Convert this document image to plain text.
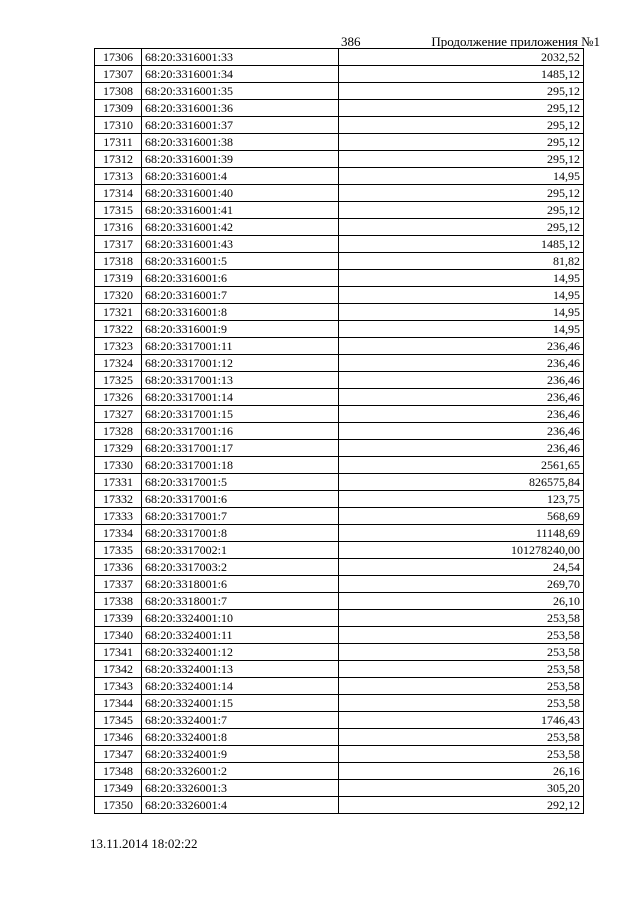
386	Продолжение приложения №1
17306	68:20:3316001:33	2032,52
17307	68:20:3316001:34	1485,12
17308	68:20:3316001:35	295,12
17309	68:20:3316001:36	295,12
17310	68:20:3316001:37	295,12
17311	68:20:3316001:38	295,12
17312	68:20:3316001:39	295,12
17313	68:20:3316001:4	14,95
17314	68:20:3316001:40	295,12
17315	68:20:3316001:41	295,12
17316	68:20:3316001:42	295,12
17317	68:20:3316001:43	1485,12
17318	68:20:3316001:5	81,82
17319	68:20:3316001:6	14,95
17320	68:20:3316001:7	14,95
17321	68:20:3316001:8	14,95
17322	68:20:3316001:9	14,95
17323	68:20:3317001:11	236,46
17324	68:20:3317001:12	236,46
17325	68:20:3317001:13	236,46
17326	68:20:3317001:14	236,46
17327	68:20:3317001:15	236,46
17328	68:20:3317001:16	236,46
17329	68:20:3317001:17	236,46
17330	68:20:3317001:18	2561,65
17331	68:20:3317001:5	826575,84
17332	68:20:3317001:6	123,75
17333	68:20:3317001:7	568,69
17334	68:20:3317001:8	11148,69
17335	68:20:3317002:1	101278240,00
17336	68:20:3317003:2	24,54
17337	68:20:3318001:6	269,70
17338	68:20:3318001:7	26,10
17339	68:20:3324001:10	253,58
17340	68:20:3324001:11	253,58
17341	68:20:3324001:12	253,58
17342	68:20:3324001:13	253,58
17343	68:20:3324001:14	253,58
17344	68:20:3324001:15	253,58
17345	68:20:3324001:7	1746,43
17346	68:20:3324001:8	253,58
17347	68:20:3324001:9	253,58
17348	68:20:3326001:2	26,16
17349	68:20:3326001:3	305,20
17350	68:20:3326001:4	292,12
13.11.2014 18:02:22
